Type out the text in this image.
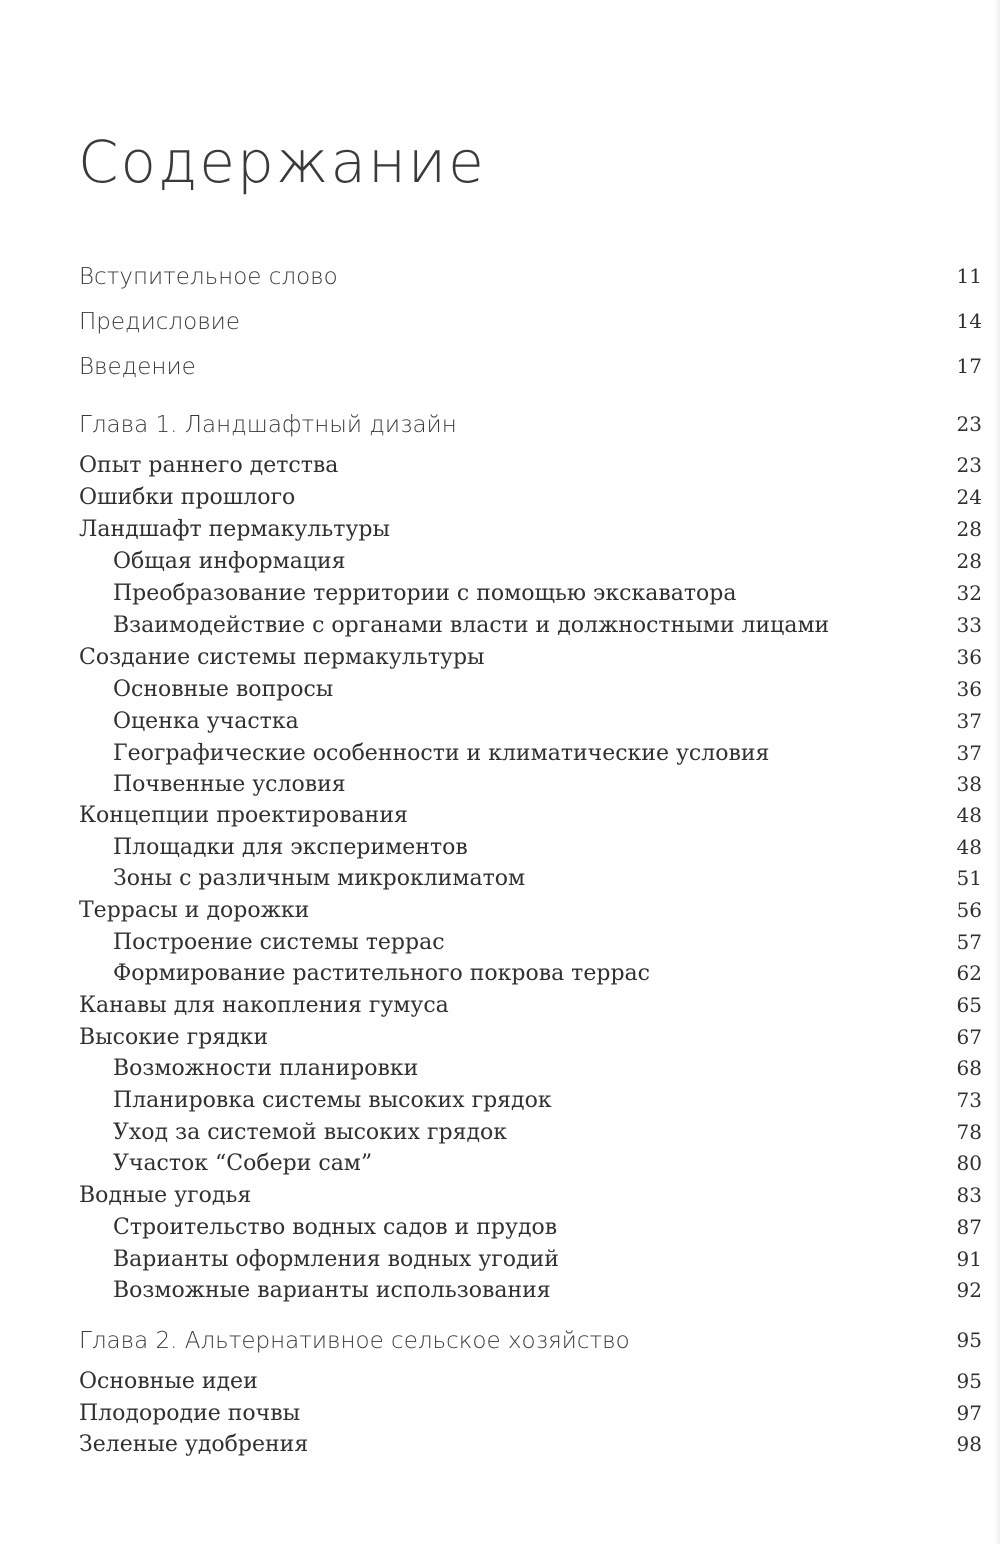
Содержание
Вступительное слово	11
Предисловие	14
Введение	17
Глава 1. Ландшафтный дизайн	23
Опыт раннего детства	23
Ошибки прошлого	24
Ландшафт пермакультуры	28
Общая информация	28
Преобразование территории с помощью экскаватора	32
Взаимодействие с органами власти и должностными лицами	33
Создание системы пермакультуры	36
Основные вопросы	36
Оценка участка	37
Географические особенности и климатические условия	37
Почвенные условия	38
Концепции проектирования	48
Площадки для экспериментов	48
Зоны с различным микроклиматом	51
Террасы и дорожки	56
Построение системы террас	57
Формирование растительного покрова террас	62
Канавы для накопления гумуса	65
Высокие грядки	67
Возможности планировки	68
Планировка системы высоких грядок	73
Уход за системой высоких грядок	78
Участок “Собери сам”	80
Водные угодья	83
Строительство водных садов и прудов	87
Варианты оформления водных угодий	91
Возможные варианты использования	92
Глава 2. Альтернативное сельское хозяйство	95
Основные идеи	95
Плодородие почвы	97
Зеленые удобрения	98
